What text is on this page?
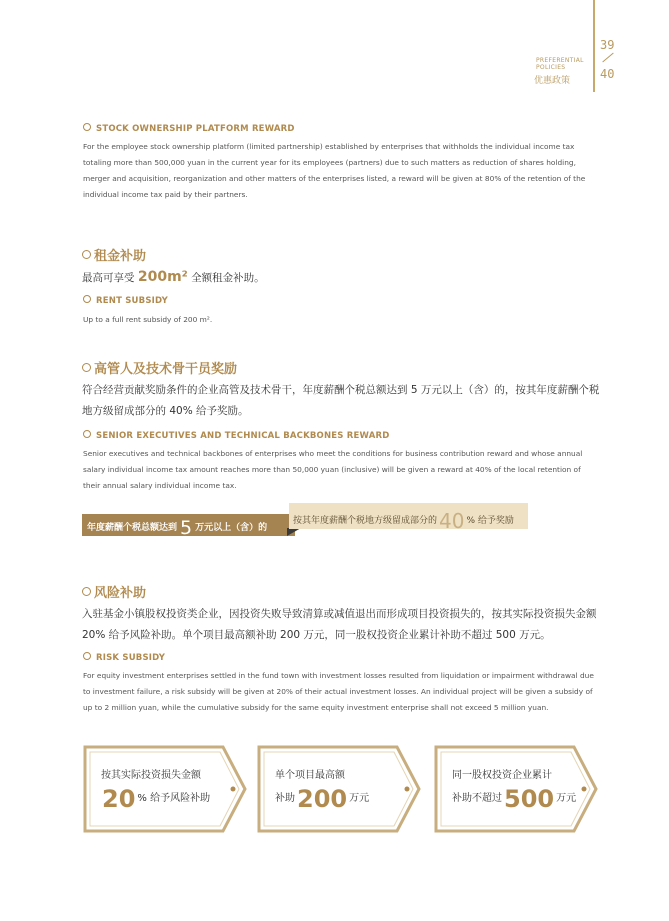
PREFERENTIAL
POLICIES
优惠政策
39
40
STOCK OWNERSHIP PLATFORM REWARD
For the employee stock ownership platform (limited partnership) established by enterprises that withholds the individual income tax totaling more than 500,000 yuan in the current year for its employees (partners) due to such matters as reduction of shares holding, merger and acquisition, reorganization and other matters of the enterprises listed, a reward will be given at 80% of the retention of the individual income tax paid by their partners.
租金补助
最高可享受 200m² 全额租金补助。
RENT SUBSIDY
Up to a full rent subsidy of 200 m².
高管人及技术骨干员奖励
符合经营贡献奖励条件的企业高管及技术骨干，年度薪酬个税总额达到 5 万元以上（含）的，按其年度薪酬个税地方级留成部分的 40% 给予奖励。
SENIOR EXECUTIVES AND TECHNICAL BACKBONES REWARD
Senior executives and technical backbones of enterprises who meet the conditions for business contribution reward and whose annual salary individual income tax amount reaches more than 50,000 yuan (inclusive) will be given a reward at 40% of the local retention of their annual salary individual income tax.
年度薪酬个税总额达到 5 万元以上（含）的
按其年度薪酬个税地方级留成部分的 40 % 给予奖励
风险补助
入驻基金小镇股权投资类企业，因投资失败导致清算或减值退出而形成项目投资损失的，按其实际投资损失金额 20% 给予风险补助。单个项目最高额补助 200 万元，同一股权投资企业累计补助不超过 500 万元。
RISK SUBSIDY
For equity investment enterprises settled in the fund town with investment losses resulted from liquidation or impairment withdrawal due to investment failure, a risk subsidy will be given at 20% of their actual investment losses. An individual project will be given a subsidy of up to 2 million yuan, while the cumulative subsidy for the same equity investment enterprise shall not exceed 5 million yuan.
按其实际投资损失金额
20 % 给予风险补助
单个项目最高额
补助200 万元
同一股权投资企业累计
补助不超过500 万元
